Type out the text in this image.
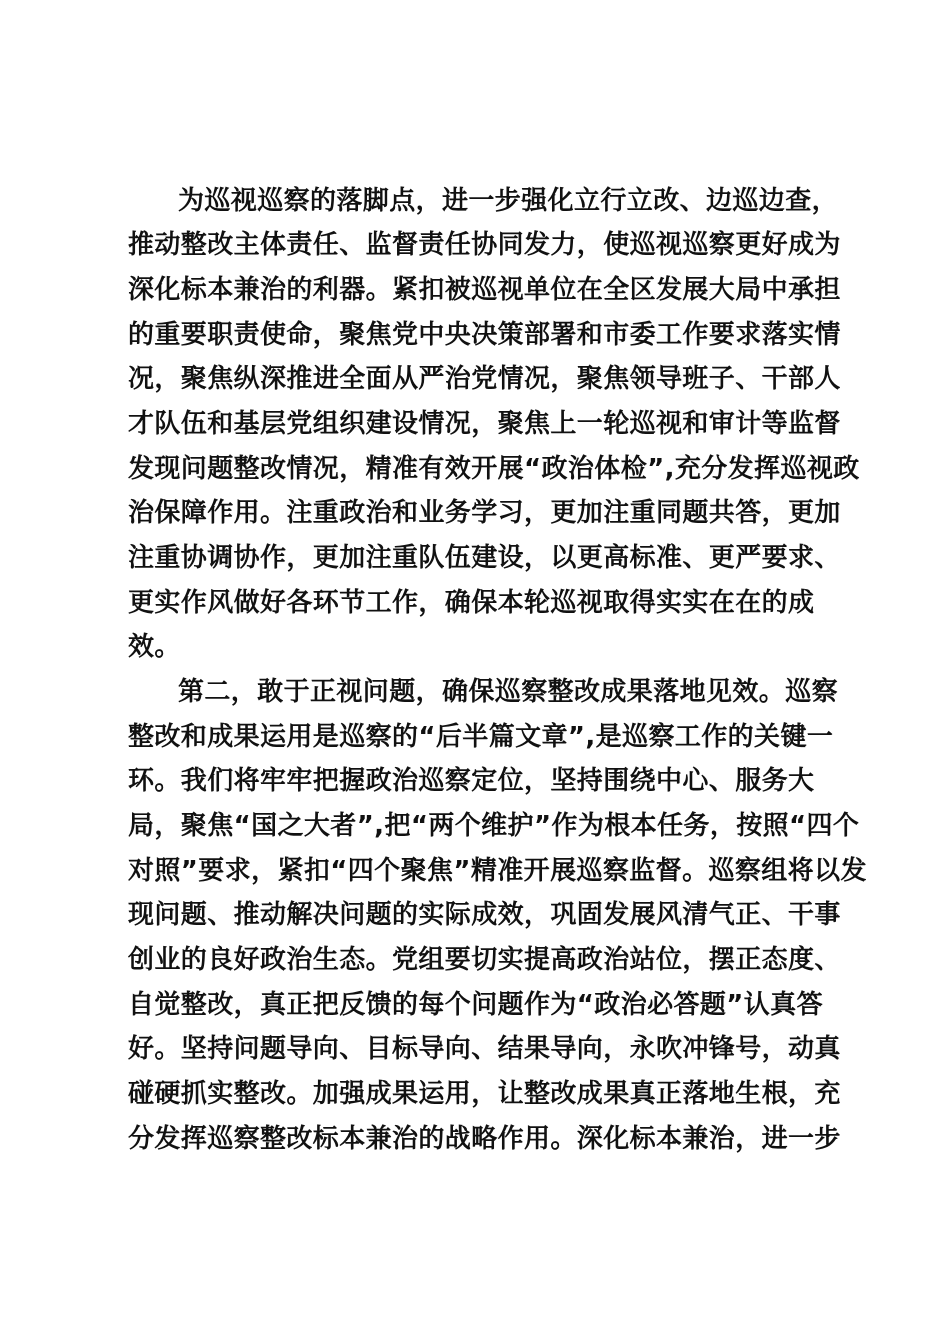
为巡视巡察的落脚点，进一步强化立行立改、边巡边查，
推动整改主体责任、监督责任协同发力，使巡视巡察更好成为
深化标本兼治的利器。紧扣被巡视单位在全区发展大局中承担
的重要职责使命，聚焦党中央决策部署和市委工作要求落实情
况，聚焦纵深推进全面从严治党情况，聚焦领导班子、干部人
才队伍和基层党组织建设情况，聚焦上一轮巡视和审计等监督
发现问题整改情况，精准有效开展“政治体检”,充分发挥巡视政
治保障作用。注重政治和业务学习，更加注重同题共答，更加
注重协调协作，更加注重队伍建设，以更高标准、更严要求、
更实作风做好各环节工作，确保本轮巡视取得实实在在的成
效。
第二，敢于正视问题，确保巡察整改成果落地见效。巡察
整改和成果运用是巡察的“后半篇文章”,是巡察工作的关键一
环。我们将牢牢把握政治巡察定位，坚持围绕中心、服务大
局，聚焦“国之大者”,把“两个维护”作为根本任务，按照“四个
对照”要求，紧扣“四个聚焦”精准开展巡察监督。巡察组将以发
现问题、推动解决问题的实际成效，巩固发展风清气正、干事
创业的良好政治生态。党组要切实提高政治站位，摆正态度、
自觉整改，真正把反馈的每个问题作为“政治必答题”认真答
好。坚持问题导向、目标导向、结果导向，永吹冲锋号，动真
碰硬抓实整改。加强成果运用，让整改成果真正落地生根，充
分发挥巡察整改标本兼治的战略作用。深化标本兼治，进一步
